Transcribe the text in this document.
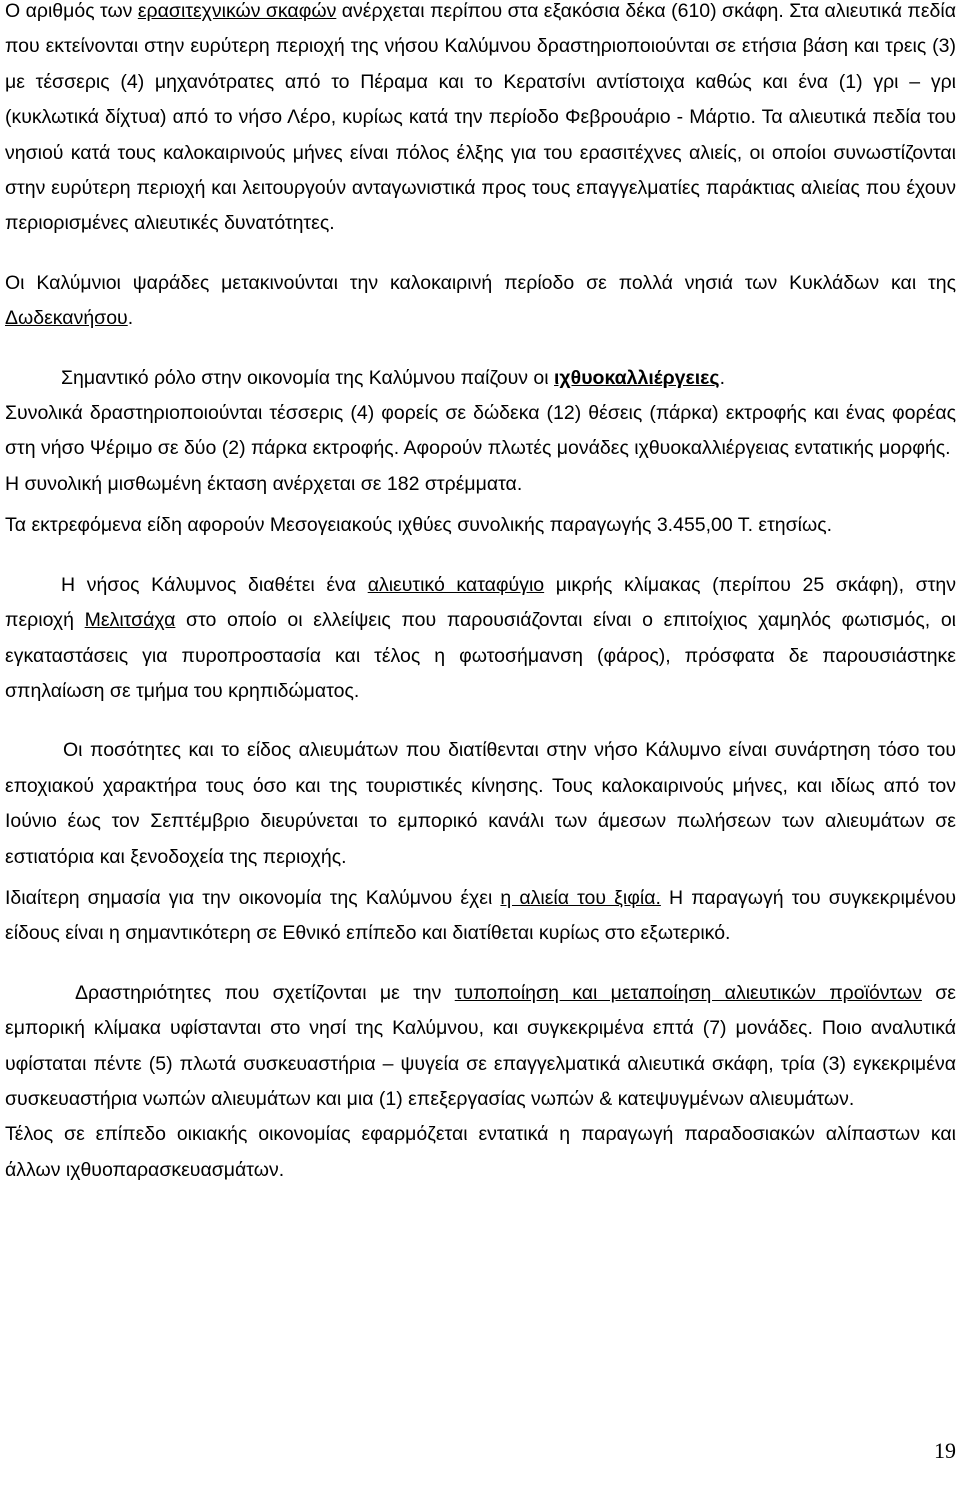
Ο αριθμός των ερασιτεχνικών σκαφών ανέρχεται περίπου στα εξακόσια δέκα (610) σκάφη. Στα αλιευτικά πεδία που εκτείνονται στην ευρύτερη περιοχή της νήσου Καλύμνου δραστηριοποιούνται σε ετήσια βάση και τρεις (3) με τέσσερις (4) μηχανότρατες από το Πέραμα και το Κερατσίνι αντίστοιχα καθώς και ένα (1) γρι – γρι (κυκλωτικά δίχτυα) από το νήσο Λέρο, κυρίως κατά την περίοδο Φεβρουάριο - Μάρτιο. Τα αλιευτικά πεδία του νησιού κατά τους καλοκαιρινούς μήνες είναι πόλος έλξης για του ερασιτέχνες αλιείς, οι οποίοι συνωστίζονται στην ευρύτερη περιοχή και λειτουργούν ανταγωνιστικά προς τους επαγγελματίες παράκτιας αλιείας που έχουν περιορισμένες αλιευτικές δυνατότητες.

Οι Καλύμνιοι ψαράδες μετακινούνται την καλοκαιρινή περίοδο σε πολλά νησιά των Κυκλάδων και της Δωδεκανήσου.

Σημαντικό ρόλο στην οικονομία της Καλύμνου παίζουν οι ιχθυοκαλλιέργειες.

Συνολικά δραστηριοποιούνται τέσσερις (4) φορείς σε δώδεκα (12) θέσεις (πάρκα) εκτροφής και ένας φορέας στη νήσο Ψέριμο σε δύο (2) πάρκα εκτροφής. Αφορούν πλωτές μονάδες ιχθυοκαλλιέργειας εντατικής μορφής.

Η συνολική μισθωμένη έκταση ανέρχεται σε 182 στρέμματα.

Τα εκτρεφόμενα είδη αφορούν Μεσογειακούς ιχθύες συνολικής παραγωγής 3.455,00 Τ. ετησίως.

Η νήσος Κάλυμνος διαθέτει ένα αλιευτικό καταφύγιο μικρής κλίμακας (περίπου 25 σκάφη), στην περιοχή Μελιτσάχα στο οποίο οι ελλείψεις που παρουσιάζονται είναι ο επιτοίχιος χαμηλός φωτισμός, οι εγκαταστάσεις για πυροπροστασία και τέλος η φωτοσήμανση (φάρος), πρόσφατα δε παρουσιάστηκε σπηλαίωση σε τμήμα του κρηπιδώματος.

Οι ποσότητες και το είδος αλιευμάτων που διατίθενται στην νήσο Κάλυμνο είναι συνάρτηση τόσο του εποχιακού χαρακτήρα τους όσο και της τουριστικές κίνησης. Τους καλοκαιρινούς μήνες, και ιδίως από τον Ιούνιο έως τον Σεπτέμβριο διευρύνεται το εμπορικό κανάλι των άμεσων πωλήσεων των αλιευμάτων σε εστιατόρια και ξενοδοχεία της περιοχής.

Ιδιαίτερη σημασία για την οικονομία της Καλύμνου έχει η αλιεία του ξιφία. Η παραγωγή του συγκεκριμένου είδους είναι η σημαντικότερη σε Εθνικό επίπεδο και διατίθεται κυρίως στο εξωτερικό.

Δραστηριότητες που σχετίζονται με την τυποποίηση και μεταποίηση αλιευτικών προϊόντων σε εμπορική κλίμακα υφίστανται στο νησί της Καλύμνου, και συγκεκριμένα επτά (7) μονάδες. Ποιο αναλυτικά υφίσταται πέντε (5) πλωτά συσκευαστήρια – ψυγεία σε επαγγελματικά αλιευτικά σκάφη, τρία (3) εγκεκριμένα συσκευαστήρια νωπών αλιευμάτων και μια (1) επεξεργασίας νωπών & κατεψυγμένων αλιευμάτων.

Τέλος σε επίπεδο οικιακής οικονομίας εφαρμόζεται εντατικά η παραγωγή παραδοσιακών αλίπαστων και άλλων ιχθυοπαρασκευασμάτων.

19
